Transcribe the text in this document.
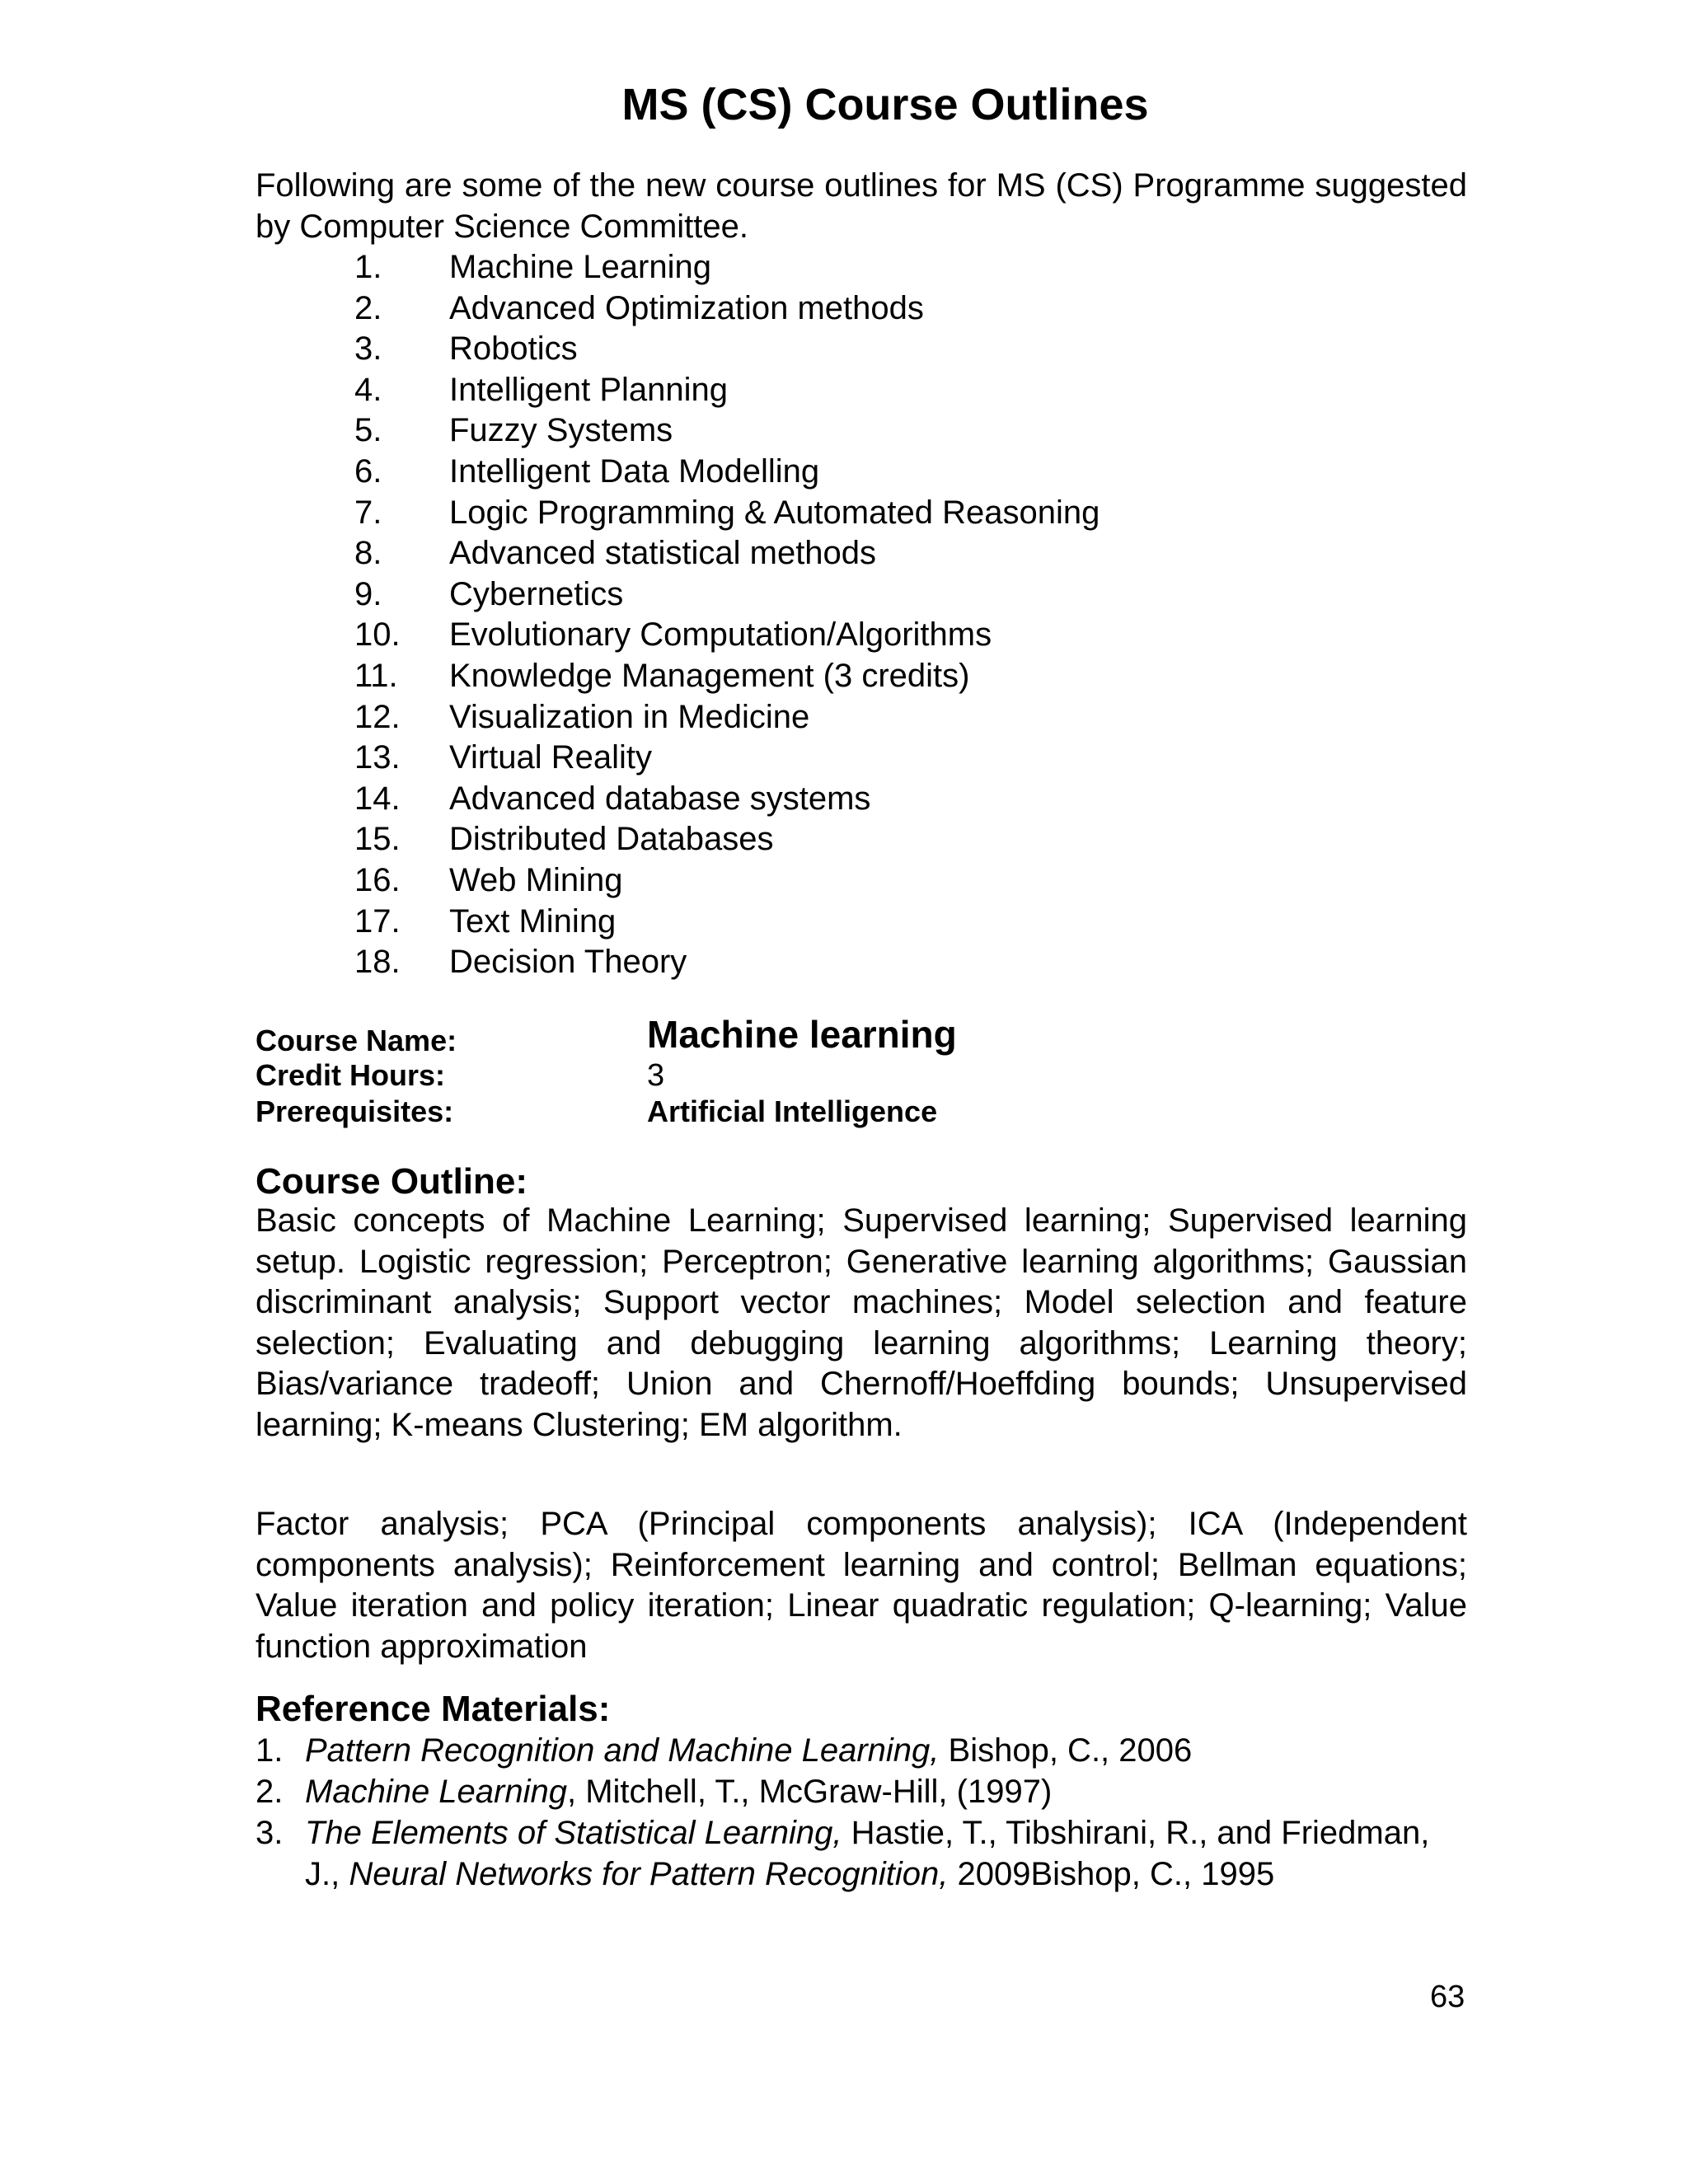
MS (CS) Course Outlines

Following are some of the new course outlines for MS (CS) Programme suggested by Computer Science Committee.

1. Machine Learning
2. Advanced Optimization methods
3. Robotics
4. Intelligent Planning
5. Fuzzy Systems
6. Intelligent Data Modelling
7. Logic Programming & Automated Reasoning
8. Advanced statistical methods
9. Cybernetics
10. Evolutionary Computation/Algorithms
11. Knowledge Management (3 credits)
12. Visualization in Medicine
13. Virtual Reality
14. Advanced database systems
15. Distributed Databases
16. Web Mining
17. Text Mining
18. Decision Theory
Course Name:	Machine learning
Credit Hours:	3
Prerequisites:	Artificial Intelligence
Course Outline:

Basic concepts of Machine Learning; Supervised learning; Supervised learning setup. Logistic regression; Perceptron; Generative learning algorithms; Gaussian discriminant analysis; Support vector machines; Model selection and feature selection; Evaluating and debugging learning algorithms; Learning theory; Bias/variance tradeoff; Union and Chernoff/Hoeffding bounds; Unsupervised learning; K-means Clustering; EM algorithm.

Factor analysis; PCA (Principal components analysis); ICA (Independent components analysis); Reinforcement learning and control; Bellman equations; Value iteration and policy iteration; Linear quadratic regulation; Q-learning; Value function approximation

Reference Materials:
1. Pattern Recognition and Machine Learning, Bishop, C., 2006
2. Machine Learning, Mitchell, T., McGraw-Hill, (1997)
3. The Elements of Statistical Learning, Hastie, T., Tibshirani, R., and Friedman, J., Neural Networks for Pattern Recognition, 2009Bishop, C., 1995
63
